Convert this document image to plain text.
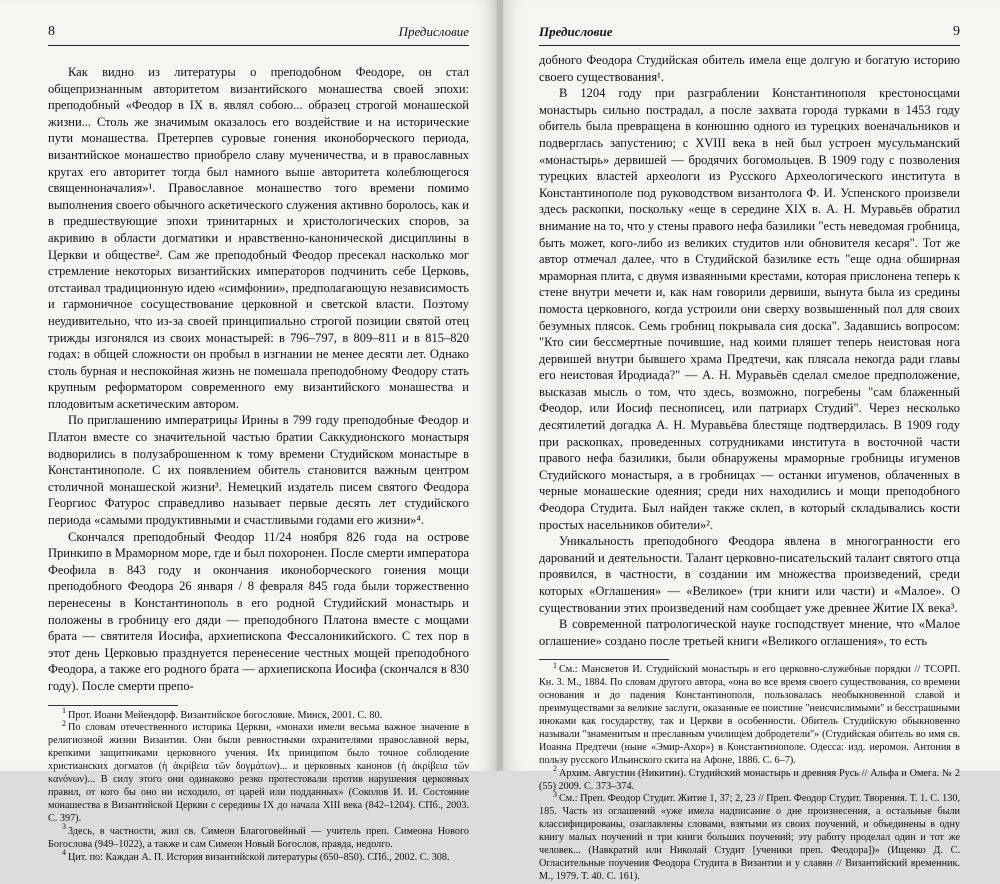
8	Предисловие

Как видно из литературы о преподобном Феодоре, он стал общепризнанным авторитетом византийского монашества своей эпохи: преподобный «Феодор в IX в. являл собою... образец строгой монашеской жизни... Столь же значимым оказалось его воздействие и на исторические пути монашества. Претерпев суровые гонения иконоборческого периода, византийское монашество приобрело славу мученичества, и в православных кругах его авторитет тогда был намного выше авторитета колеблющегося священноначалия»¹. Православное монашество того времени помимо выполнения своего обычного аскетического служения активно боролось, как и в предшествующие эпохи тринитарных и христологических споров, за акривию в области догматики и нравственно-канонической дисциплины в Церкви и обществе². Сам же преподобный Феодор пресекал насколько мог стремление некоторых византийских императоров подчинить себе Церковь, отстаивал традиционную идею «симфонии», предполагающую независимость и гармоничное сосуществование церковной и светской власти. Поэтому неудивительно, что из-за своей принципиально строгой позиции святой отец трижды изгонялся из своих монастырей: в 796–797, в 809–811 и в 815–820 годах: в общей сложности он пробыл в изгнании не менее десяти лет. Однако столь бурная и неспокойная жизнь не помешала преподобному Феодору стать крупным реформатором современного ему византийского монашества и плодовитым аскетическим автором.

По приглашению императрицы Ирины в 799 году преподобные Феодор и Платон вместе со значительной частью братии Саккудионского монастыря водворились в полузаброшенном к тому времени Студийском монастыре в Константинополе. С их появлением обитель становится важным центром столичной монашеской жизни³. Немецкий издатель писем святого Феодора Георгиос Фатурос справедливо называет первые десять лет студийского периода «самыми продуктивными и счастливыми годами его жизни»⁴.

Скончался преподобный Феодор 11/24 ноября 826 года на острове Принкипо в Мраморном море, где и был похоронен. После смерти императора Феофила в 843 году и окончания иконоборческого гонения мощи преподобного Феодора 26 января / 8 февраля 845 года были торжественно перенесены в Константинополь в его родной Студийский монастырь и положены в гробницу его дяди — преподобного Платона вместе с мощами брата — святителя Иосифа, архиепископа Фессалоникийского. С тех пор в этот день Церковью празднуется перенесение честных мощей преподобного Феодора, а также его родного брата — архиепископа Иосифа (скончался в 830 году). После смерти препо-

$^1$ Прот. Иоанн Мейендорф. Византийское богословие. Минск, 2001. С. 80.

$^2$ По словам отечественного историка Церкви, «монахи имели весьма важное значение в религиозной жизни Византии. Они были ревностными охранителями православной веры, крепкими защитниками церковного учения. Их принципом было точное соблюдение христианских догматов (ἡ ἀκρίβεια τῶν δογμάτων)... и церковных канонов (ἡ ἀκρίβεια τῶν κανόνων)... В силу этого они одинаково резко протестовали против нарушения церковных правил, от кого бы оно ни исходило, от царей или подданных» (Соколов И. И. Состояние монашества в Византийской Церкви с середины IX до начала XIII века (842–1204). СПб., 2003. С. 397).

$^3$ Здесь, в частности, жил св. Симеон Благоговейный — учитель преп. Симеона Нового Богослова (949–1022), а также и сам Симеон Новый Богослов, правда, недолго.

$^4$ Цит. по: Каждан А. П. История византийской литературы (650–850). СПб., 2002. С. 308.

Предисловие	9

добного Феодора Студийская обитель имела еще долгую и богатую историю своего существования¹.

В 1204 году при разграблении Константинополя крестоносцами монастырь сильно пострадал, а после захвата города турками в 1453 году обитель была превращена в конюшню одного из турецких военачальников и подверглась запустению; с XVIII века в ней был устроен мусульманский «монастырь» дервишей — бродячих богомольцев. В 1909 году с позволения турецких властей археологи из Русского Археологического института в Константинополе под руководством византолога Ф. И. Успенского произвели здесь раскопки, поскольку «еще в середине XIX в. А. Н. Муравьёв обратил внимание на то, что у стены правого нефа базилики "есть неведомая гробница, быть может, кого-либо из великих студитов или обновителя кесаря". Тот же автор отмечал далее, что в Студийской базилике есть "еще одна обширная мраморная плита, с двумя изваянными крестами, которая прислонена теперь к стене внутри мечети и, как нам говорили дервиши, вынута была из средины помоста церковного, когда устроили они сверху возвышенный пол для своих безумных плясок. Семь гробниц покрывала сия доска". Задавшись вопросом: "Кто сии бессмертные почившие, над коими пляшет теперь неистовая нога дервишей внутри бывшего храма Предтечи, как плясала некогда ради главы его неистовая Иродиада?" — А. Н. Муравьёв сделал смелое предположение, высказав мысль о том, что здесь, возможно, погребены "сам блаженный Феодор, или Иосиф песнописец, или патриарх Студий". Через несколько десятилетий догадка А. Н. Муравьёва блестяще подтвердилась. В 1909 году при раскопках, проведенных сотрудниками института в восточной части правого нефа базилики, были обнаружены мраморные гробницы игуменов Студийского монастыря, а в гробницах — останки игуменов, облаченных в черные монашеские одеяния; среди них находились и мощи преподобного Феодора Студита. Был найден также склеп, в который складывались кости простых насельников обители»².

Уникальность преподобного Феодора явлена в многогранности его дарований и деятельности. Талант церковно-писательский талант святого отца проявился, в частности, в создании им множества произведений, среди которых «Оглашения» — «Великое» (три книги или части) и «Малое». О существовании этих произведений нам сообщает уже древнее Житие IX века³.

В современной патрологической науке господствует мнение, что «Малое оглашение» создано после третьей книги «Великого оглашения», то есть

$^1$ См.: Мансветов И. Студийский монастырь и его церковно-служебные порядки // ТСОРП. Кн. 3. М., 1884. По словам другого автора, «она во все время своего существования, со времени основания и до падения Константинополя, пользовалась необыкновенной славой и преимуществами за великие заслуги, оказанные ее поистине "неисчислимыми" и бесстрашными иноками как государству, так и Церкви в особенности. Обитель Студийскую обыкновенно называли "знаменитым и преславным училищем добродетели"» (Студийская обитель во имя св. Иоанна Предтечи (ныне «Эмир-Ахор») в Константинополе. Одесса: изд. иеромон. Антония в пользу русского Ильинского скита на Афоне, 1886. С. 6–7).

$^2$ Архим. Августин (Никитин). Студийский монастырь и древняя Русь // Альфа и Омега. № 2 (55) 2009. С. 373–374.

$^3$ См.: Преп. Феодор Студит. Житие 1, 37; 2, 23 // Преп. Феодор Студит. Творения. Т. 1. С. 130, 185. Часть из оглашений «уже имела надписание о дне произнесения, а остальные были классифицированы, озаглавлены словами, взятыми из своих поучений, и объединены в одну книгу малых поучений и три книги больших поучений; эту работу проделал один и тот же человек... (Навкратий или Николай Студит [ученики преп. Феодора])» (Ищенко Д. С. Огласительные поучения Феодора Студита в Византии и у славян // Византийский временник. М., 1979. Т. 40. С. 161).
